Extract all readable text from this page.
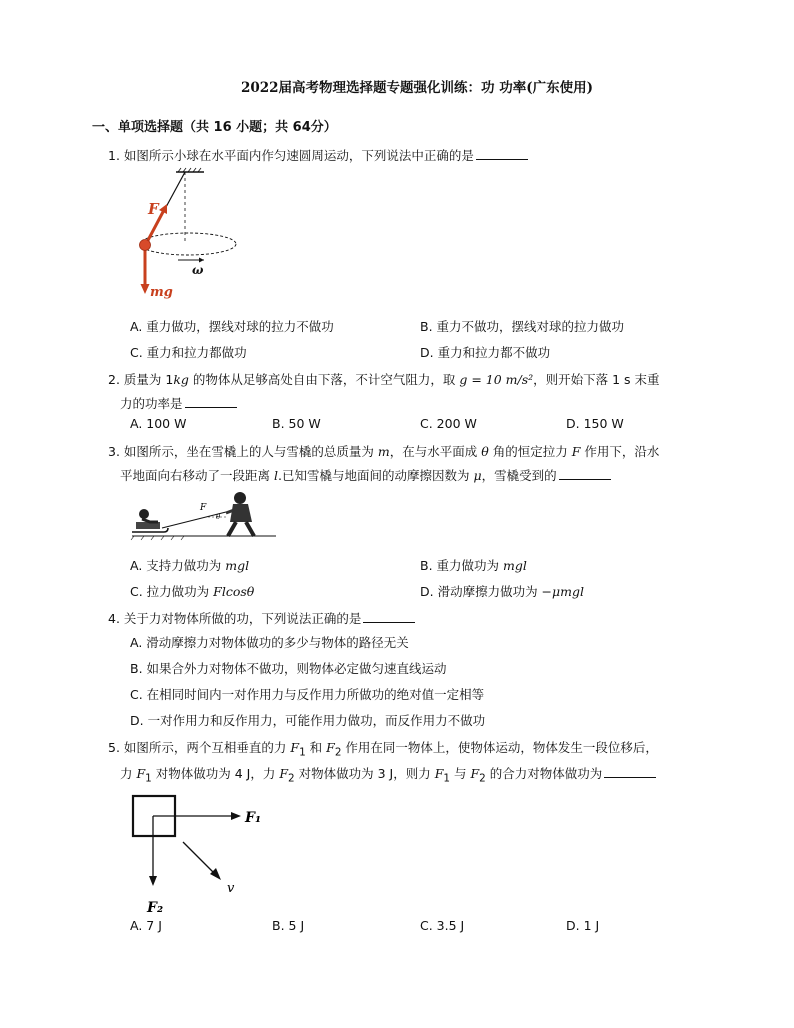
2022届高考物理选择题专题强化训练：功 功率(广东使用)
一、单项选择题（共 16 小题；共 64分）
1. 如图所示小球在水平面内作匀速圆周运动，下列说法中正确的是
F
ω
mg
A. 重力做功，摆线对球的拉力不做功	B. 重力不做功，摆线对球的拉力做功
C. 重力和拉力都做功	D. 重力和拉力都不做功
2. 质量为 1kg 的物体从足够高处自由下落，不计空气阻力，取 g = 10 m/s²，则开始下落 1 s 末重
力的功率是
A. 100 W	B. 50 W	C. 200 W	D. 150 W
3. 如图所示，坐在雪橇上的人与雪橇的总质量为 m，在与水平面成 θ 角的恒定拉力 F 作用下，沿水
平地面向右移动了一段距离 l.已知雪橇与地面间的动摩擦因数为 μ，雪橇受到的
F
θ
A. 支持力做功为 mgl	B. 重力做功为 mgl
C. 拉力做功为 Flcosθ	D. 滑动摩擦力做功为 −μmgl
4. 关于力对物体所做的功，下列说法正确的是
A. 滑动摩擦力对物体做功的多少与物体的路径无关
B. 如果合外力对物体不做功，则物体必定做匀速直线运动
C. 在相同时间内一对作用力与反作用力所做功的绝对值一定相等
D. 一对作用力和反作用力，可能作用力做功，而反作用力不做功
5. 如图所示，两个互相垂直的力 $F_1$ 和 $F_2$ 作用在同一物体上，使物体运动，物体发生一段位移后，
力 $F_1$ 对物体做功为 4 J，力 $F_2$ 对物体做功为 3 J，则力 $F_1$ 与 $F_2$ 的合力对物体做功为
F₁
F₂
v
A. 7 J	B. 5 J	C. 3.5 J	D. 1 J
